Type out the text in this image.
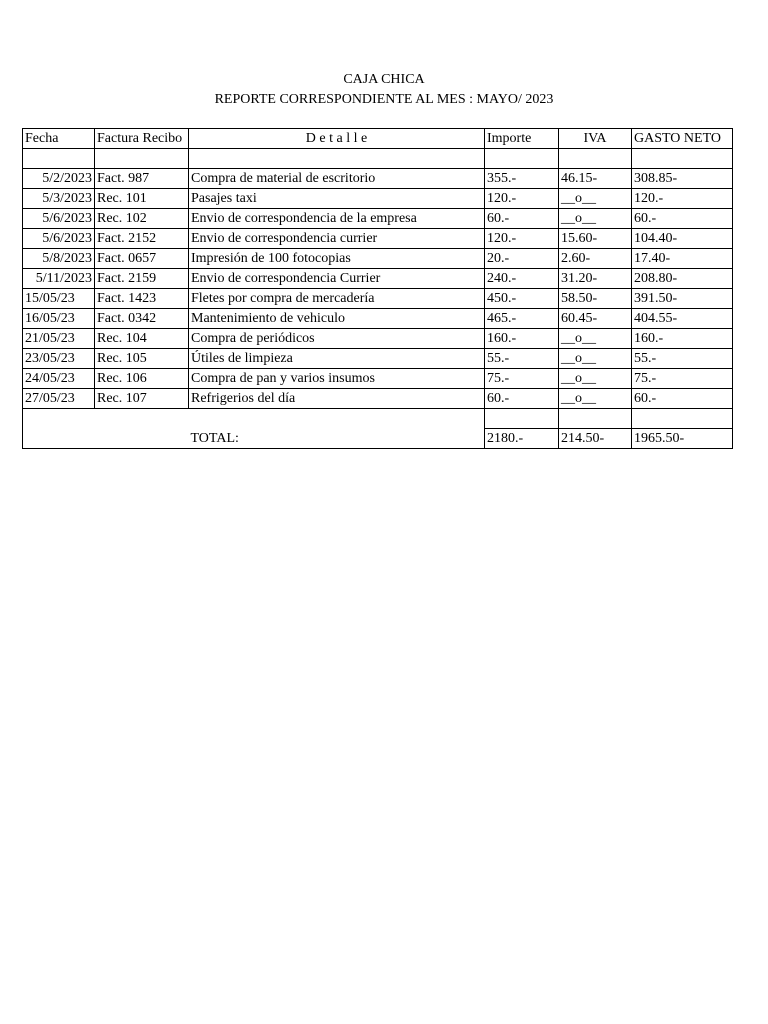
CAJA CHICA
REPORTE CORRESPONDIENTE AL MES : MAYO/ 2023
Fecha	Factura Recibo	D e t a l l e	Importe	IVA	GASTO NETO

5/2/2023	Fact. 987	Compra de material de escritorio	355.-	46.15-	308.85-
5/3/2023	Rec. 101	Pasajes taxi	120.-	__o__	120.-
5/6/2023	Rec. 102	Envio de correspondencia de la empresa	60.-	__o__	60.-
5/6/2023	Fact. 2152	Envio de correspondencia currier	120.-	15.60-	104.40-
5/8/2023	Fact. 0657	Impresión de 100 fotocopias	20.-	2.60-	17.40-
5/11/2023	Fact. 2159	Envio de correspondencia Currier	240.-	31.20-	208.80-
15/05/23	Fact. 1423	Fletes por compra de mercadería	450.-	58.50-	391.50-
16/05/23	Fact. 0342	Mantenimiento de vehiculo	465.-	60.45-	404.55-
21/05/23	Rec. 104	Compra de periódicos	160.-	__o__	160.-
23/05/23	Rec. 105	Útiles de limpieza	55.-	__o__	55.-
24/05/23	Rec. 106	Compra de pan y varios insumos	75.-	__o__	75.-
27/05/23	Rec. 107	Refrigerios del día	60.-	__o__	60.-

		TOTAL:	2180.-	214.50-	1965.50-
